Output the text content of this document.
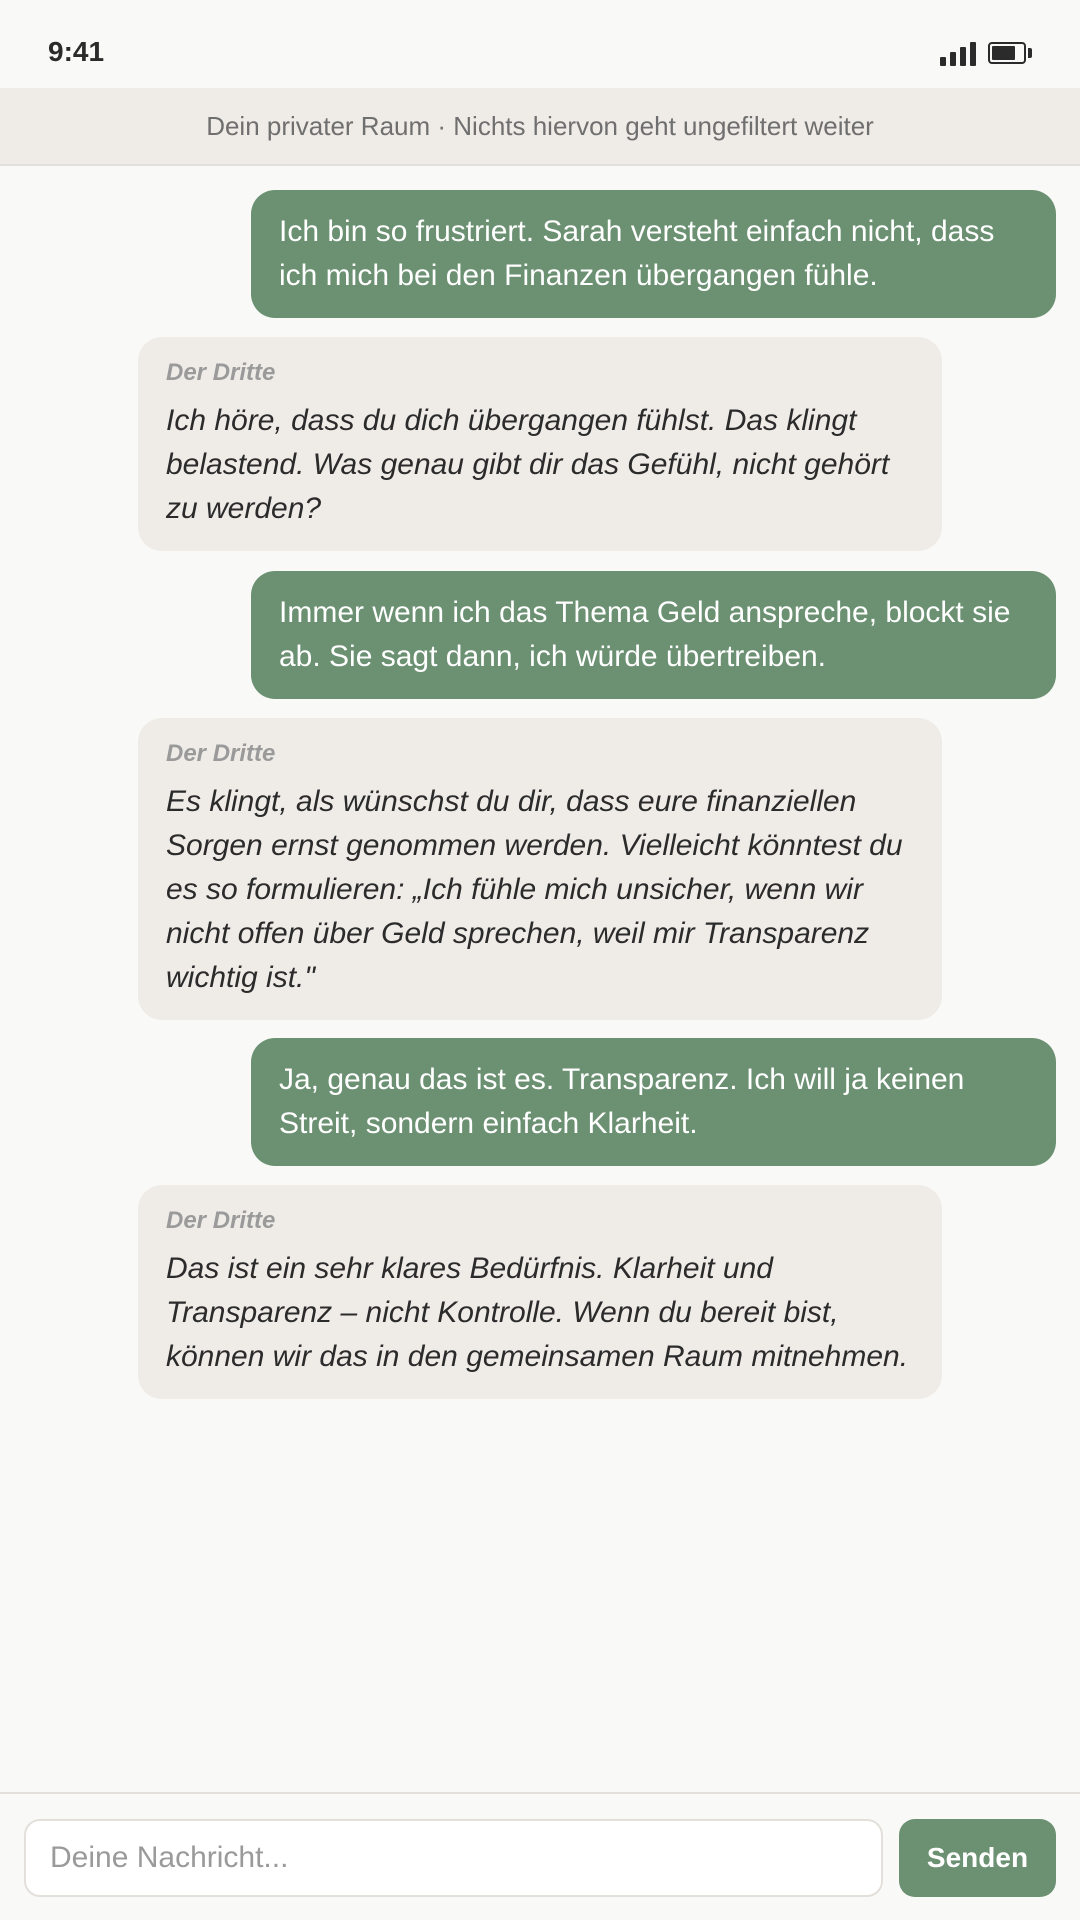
9:41
Dein privater Raum · Nichts hiervon geht ungefiltert weiter
Ich bin so frustriert. Sarah versteht einfach nicht, dass ich mich bei den Finanzen übergangen fühle.
Der Dritte
Ich höre, dass du dich übergangen fühlst. Das klingt belastend. Was genau gibt dir das Gefühl, nicht gehört zu werden?
Immer wenn ich das Thema Geld anspreche, blockt sie ab. Sie sagt dann, ich würde übertreiben.
Der Dritte
Es klingt, als wünschst du dir, dass eure finanziellen Sorgen ernst genommen werden. Vielleicht könntest du es so formulieren: „Ich fühle mich unsicher, wenn wir nicht offen über Geld sprechen, weil mir Transparenz wichtig ist."
Ja, genau das ist es. Transparenz. Ich will ja keinen Streit, sondern einfach Klarheit.
Der Dritte
Das ist ein sehr klares Bedürfnis. Klarheit und Transparenz – nicht Kontrolle. Wenn du bereit bist, können wir das in den gemeinsamen Raum mitnehmen.
Deine Nachricht...
Senden
